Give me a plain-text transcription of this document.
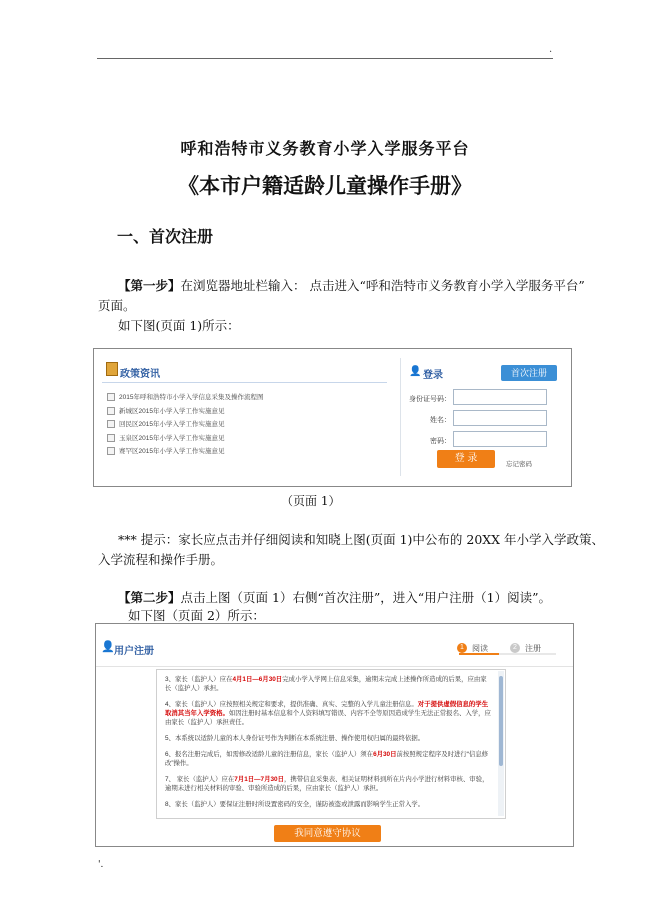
.
呼和浩特市义务教育小学入学服务平台
《本市户籍适龄儿童操作手册》
一、首次注册
【第一步】在浏览器地址栏输入： 点击进入“呼和浩特市义务教育小学入学服务平台”
页面。
如下图(页面 1)所示：
政策资讯
2015年呼和浩特市小学入学信息采集及操作流程图
新城区2015年小学入学工作实施意见
回民区2015年小学入学工作实施意见
玉泉区2015年小学入学工作实施意见
赛罕区2015年小学入学工作实施意见
👤 登录	首次注册
身份证号码：
姓名：
密码：
登 录
忘记密码
（页面 1）
*** 提示：家长应点击并仔细阅读和知晓上图(页面 1)中公布的 20XX 年小学入学政策、
入学流程和操作手册。
【第二步】点击上图（页面 1）右侧“首次注册”，进入“用户注册（1）阅读”。
如下图（页面 2）所示：
👤 用户注册	1	阅读	2	注册
3、家长（监护人）应在4月1日—6月30日完成小学入学网上信息采集，逾期未完成上述操作所造成的后果，应由家长（监护人）承担。
4、家长（监护人）应按照相关规定和要求，提供准确、真实、完整的入学儿童注册信息。对于提供虚假信息的学生取消其当年入学资格。如因注册时基本信息和个人资料填写错误、内容不全等原因造成学生无法正常报名、入学，应由家长（监护人）承担责任。
5、本系统以适龄儿童的本人身份证号作为判断在本系统注册、操作使用权归属的最终依据。
6、报名注册完成后，如需修改适龄儿童的注册信息，家长（监护人）须在6月30日前按照规定程序及时进行“信息修改”操作。
7、 家长（监护人）应在7月1日—7月30日，携带信息采集表、相关证明材料到所在片内小学进行材料审核、审验，逾期未进行相关材料的审验、审验所造成的后果，应由家长（监护人）承担。
8、家长（监护人）要保证注册时所设置密码的安全，谨防被盗或泄露而影响学生正常入学。
我同意遵守协议
'.
